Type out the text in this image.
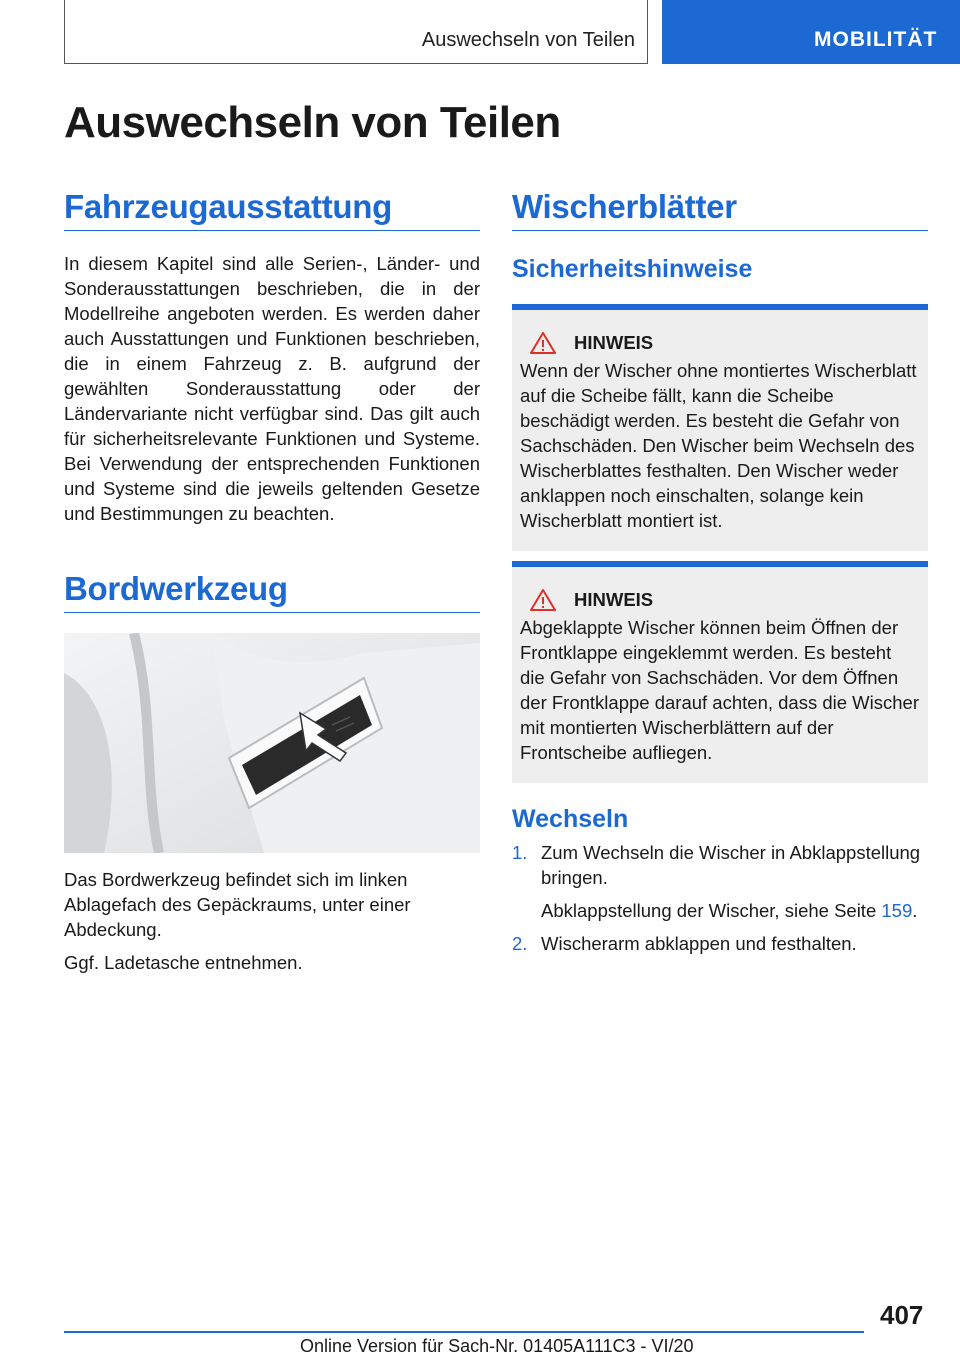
Auswechseln von Teilen	MOBILITÄT
Auswechseln von Teilen
Fahrzeugausstattung

In diesem Kapitel sind alle Serien-, Länder- und Sonderausstattungen beschrieben, die in der Modellreihe angeboten werden. Es werden daher auch Ausstattungen und Funktionen beschrieben, die in einem Fahrzeug z. B. aufgrund der gewählten Sonderausstattung oder der Ländervariante nicht verfügbar sind. Das gilt auch für sicherheitsrelevante Funktionen und Systeme. Bei Verwendung der entsprechenden Funktionen und Systeme sind die jeweils geltenden Gesetze und Bestimmungen zu beachten.

Bordwerkzeug

Das Bordwerkzeug befindet sich im linken Ablagefach des Gepäckraums, unter einer Abdeckung.

Ggf. Ladetasche entnehmen.

Wischerblätter
Sicherheitshinweise
HINWEIS

Wenn der Wischer ohne montiertes Wischerblatt auf die Scheibe fällt, kann die Scheibe beschädigt werden. Es besteht die Gefahr von Sachschäden. Den Wischer beim Wechseln des Wischerblattes festhalten. Den Wischer weder anklappen noch einschalten, solange kein Wischerblatt montiert ist.

HINWEIS

Abgeklappte Wischer können beim Öffnen der Frontklappe eingeklemmt werden. Es besteht die Gefahr von Sachschäden. Vor dem Öffnen der Frontklappe darauf achten, dass die Wischer mit montierten Wischerblättern auf der Frontscheibe aufliegen.

Wechseln
1. Zum Wechseln die Wischer in Abklappstellung bringen.
Abklappstellung der Wischer, siehe Seite 159.
2. Wischerarm abklappen und festhalten.
407
Online Version für Sach-Nr. 01405A111C3 - VI/20
